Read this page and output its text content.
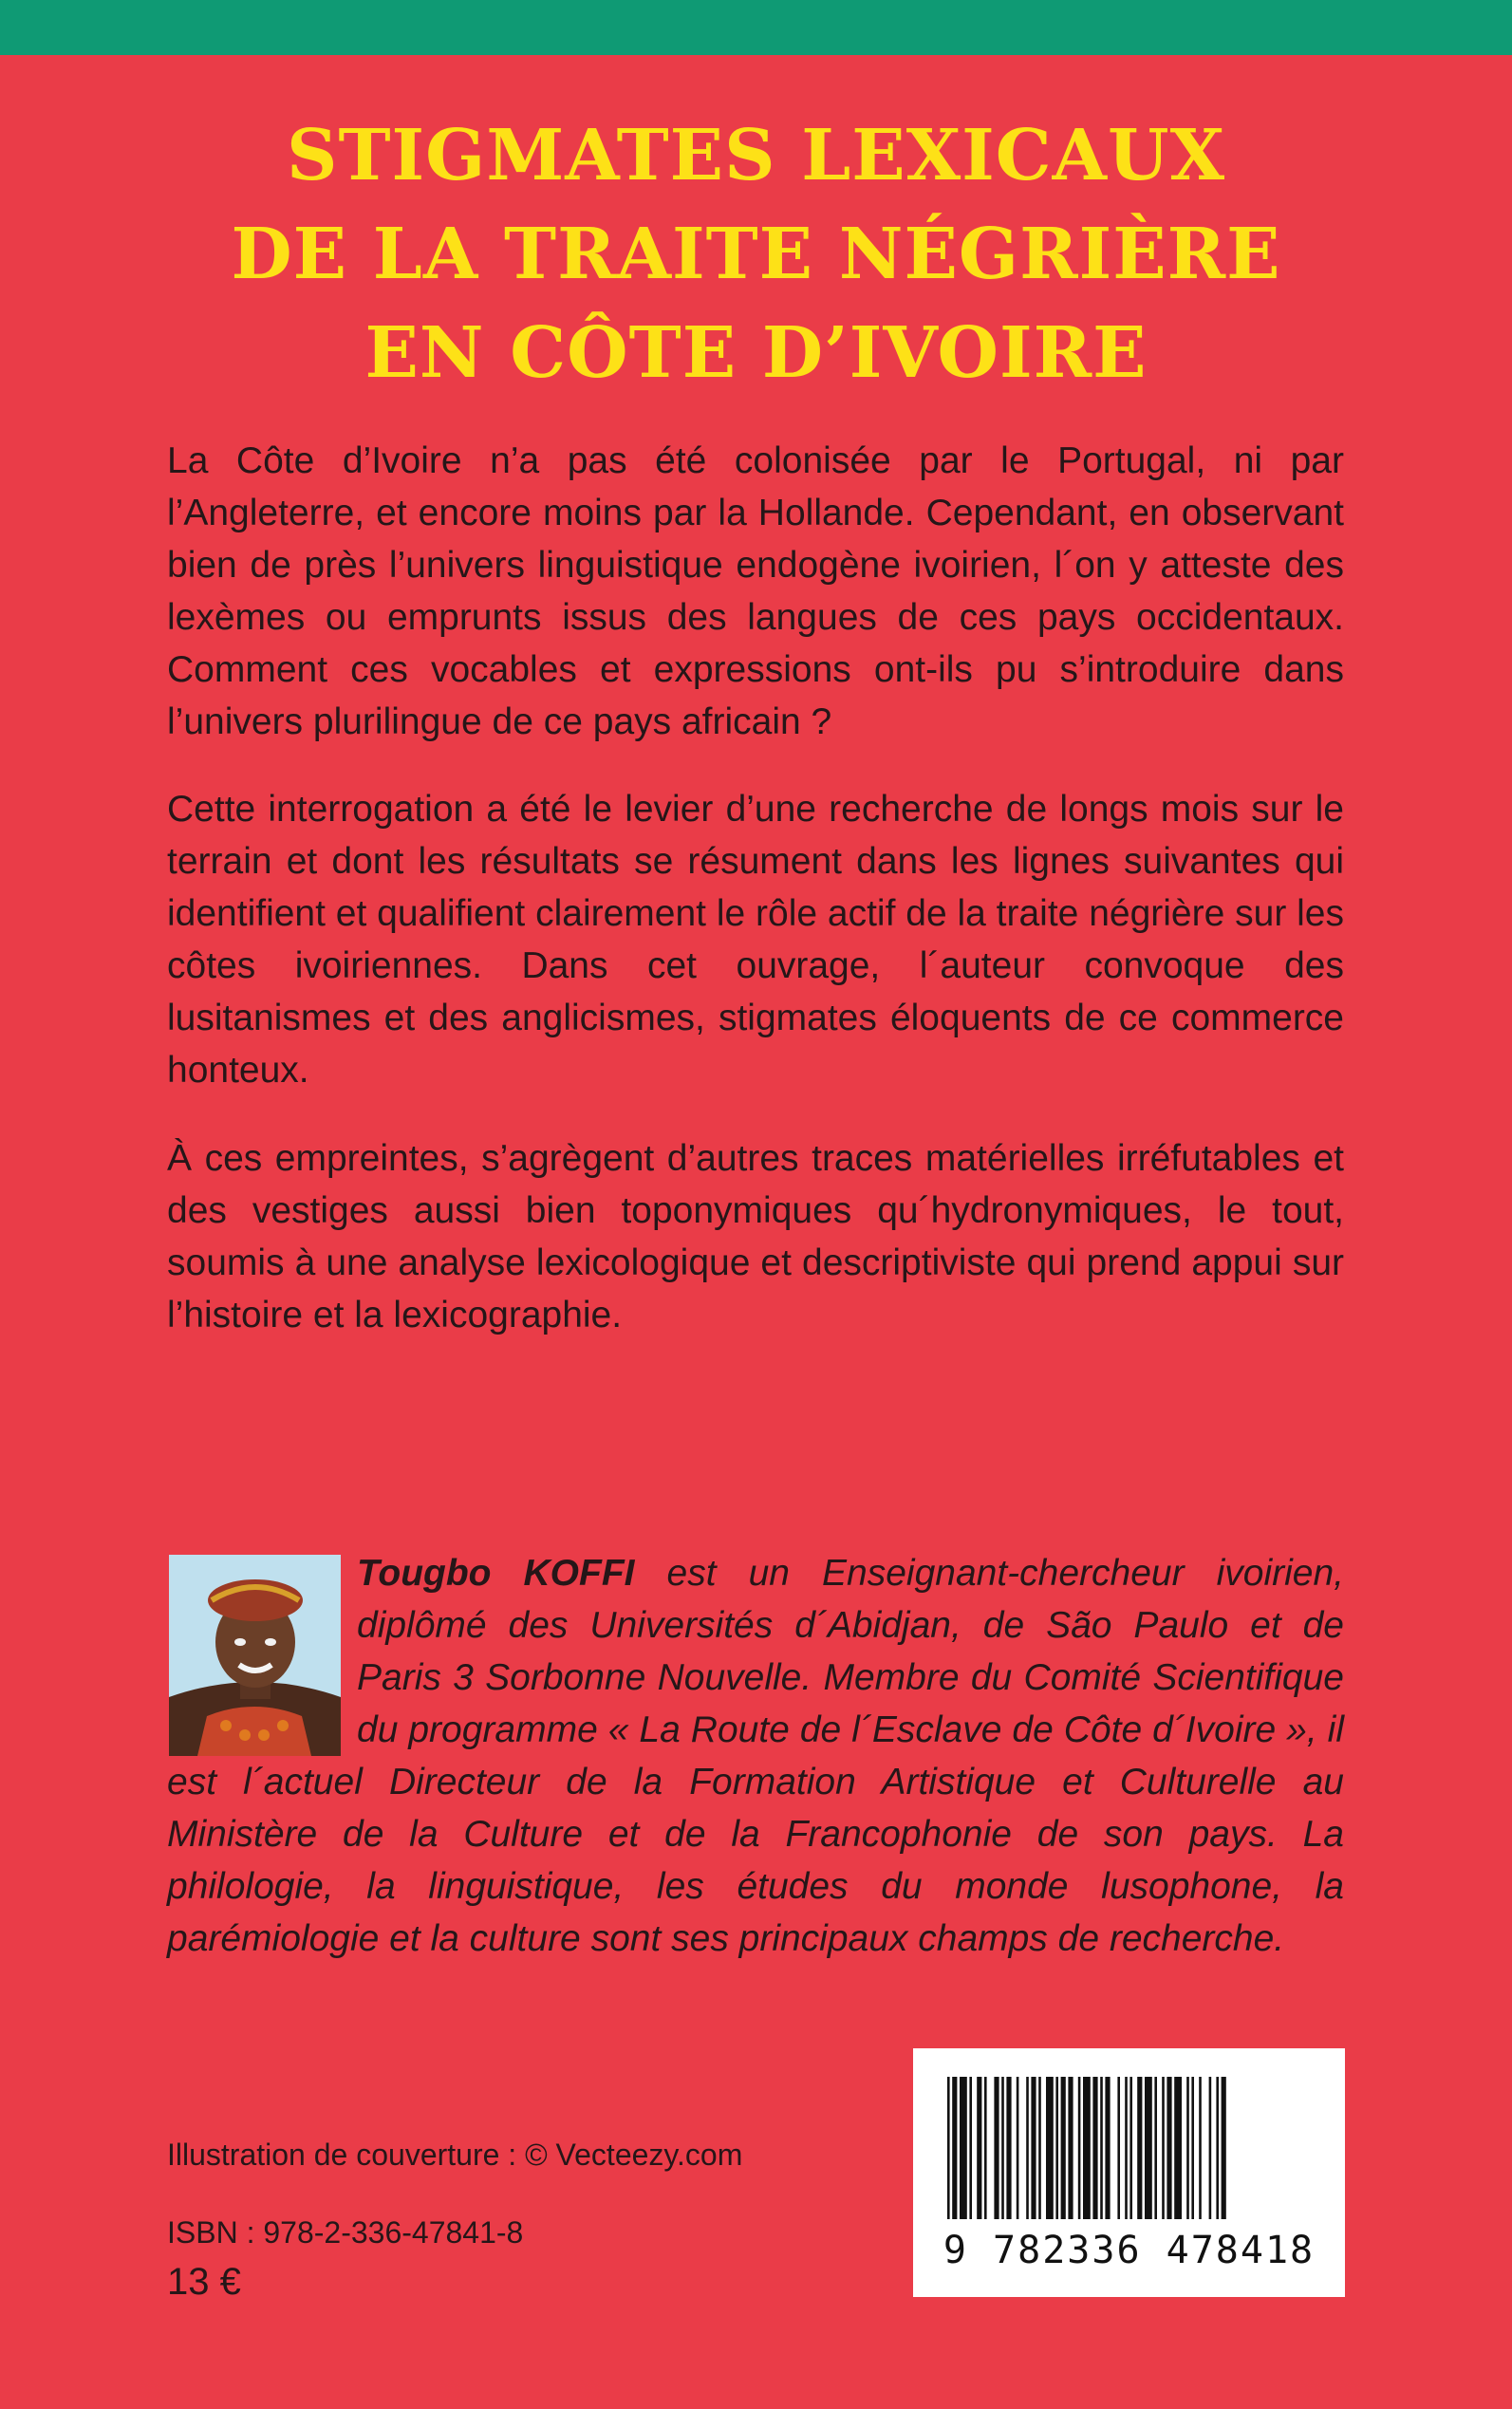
STIGMATES LEXICAUX
DE LA TRAITE NÉGRIÈRE
EN CÔTE D’IVOIRE

La Côte d’Ivoire n’a pas été colonisée par le Portugal, ni par l’Angleterre, et encore moins par la Hollande. Cependant, en observant bien de près l’univers linguistique endogène ivoirien, l´on y atteste des lexèmes ou emprunts issus des langues de ces pays occidentaux. Comment ces vocables et expressions ont-ils pu s’introduire dans l’univers plurilingue de ce pays africain ?

Cette interrogation a été le levier d’une recherche de longs mois sur le terrain et dont les résultats se résument dans les lignes suivantes qui identifient et qualifient clairement le rôle actif de la traite négrière sur les côtes ivoiriennes. Dans cet ouvrage, l´auteur convoque des lusitanismes et des anglicismes, stigmates éloquents de ce commerce honteux.

À ces empreintes, s’agrègent d’autres traces matérielles irréfutables et des vestiges aussi bien toponymiques qu´hydronymiques, le tout, soumis à une analyse lexicologique et descriptiviste qui prend appui sur l’histoire et la lexicographie.

Tougbo KOFFI est un Enseignant-chercheur ivoirien, diplômé des Universités d´Abidjan, de São Paulo et de Paris 3 Sorbonne Nouvelle. Membre du Comité Scientifique du programme « La Route de l´Esclave de Côte d´Ivoire », il est l´actuel Directeur de la Formation Artistique et Culturelle au Ministère de la Culture et de la Francophonie de son pays. La philologie, la linguistique, les études du monde lusophone, la parémiologie et la culture sont ses principaux champs de recherche.

Illustration de couverture : © Vecteezy.com
ISBN : 978-2-336-47841-8
13 €
9 782336 478418
